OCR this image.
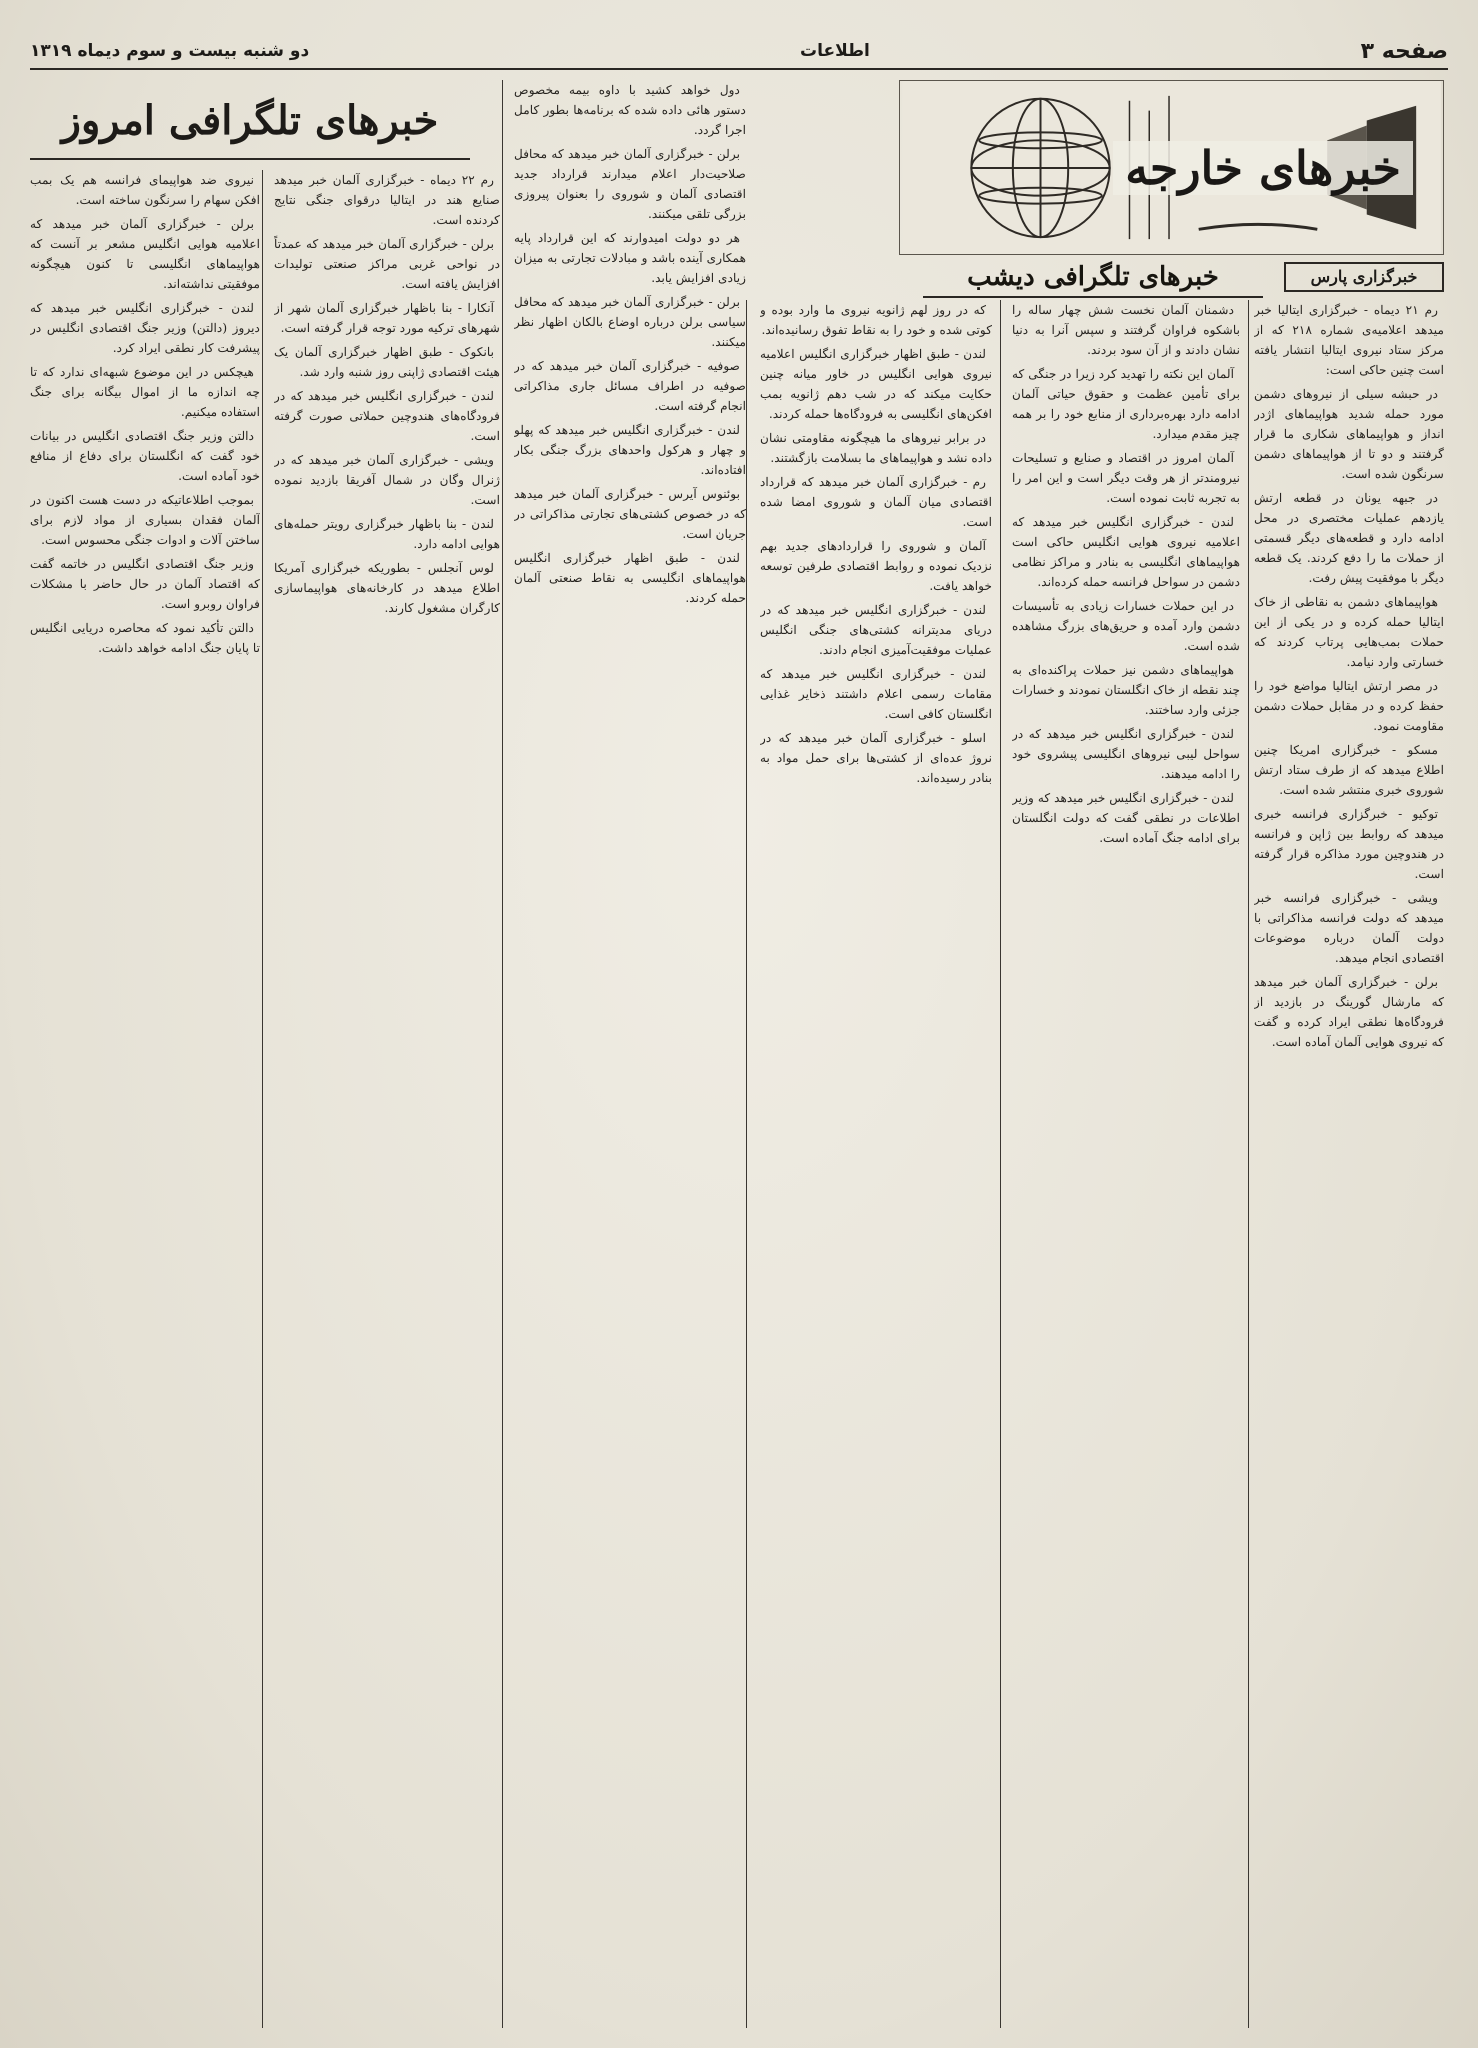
صفحه ۳
اطلاعات
دو شنبه بیست و سوم دیماه ۱۳۱۹
خبرهای خارجه
خبرگزاری پارس
خبرهای تلگرافی دیشب
خبرهای تلگرافی امروز

رم ۲۱ دیماه - خبرگزاری ایتالیا خبر میدهد اعلامیه‌ی شماره ۲۱۸ که از مرکز ستاد نیروی ایتالیا انتشار یافته است چنین حاکی است:

در حبشه سیلی از نیروهای دشمن مورد حمله شدید هواپیماهای اژدر انداز و هواپیماهای شکاری ما قرار گرفتند و دو تا از هواپیماهای دشمن سرنگون شده است.

در جبهه یونان در قطعه ارتش یازدهم عملیات مختصری در محل ادامه دارد و قطعه‌های دیگر قسمتی از حملات ما را دفع کردند. یک قطعه دیگر با موفقیت پیش رفت.

هواپیماهای دشمن به نقاطی از خاک ایتالیا حمله کرده و در یکی از این حملات بمب‌هایی پرتاب کردند که خسارتی وارد نیامد.

در مصر ارتش ایتالیا مواضع خود را حفظ کرده و در مقابل حملات دشمن مقاومت نمود.

مسکو - خبرگزاری امریکا چنین اطلاع میدهد که از طرف ستاد ارتش شوروی خبری منتشر شده است.

توکیو - خبرگزاری فرانسه خبری میدهد که روابط بین ژاپن و فرانسه در هندوچین مورد مذاکره قرار گرفته است.

ویشی - خبرگزاری فرانسه خبر میدهد که دولت فرانسه مذاکراتی با دولت آلمان درباره موضوعات اقتصادی انجام میدهد.

برلن - خبرگزاری آلمان خبر میدهد که مارشال گورینگ در بازدید از فرودگاه‌ها نطقی ایراد کرده و گفت که نیروی هوایی آلمان آماده است.

دشمنان آلمان نخست شش چهار ساله را باشکوه فراوان گرفتند و سپس آنرا به دنیا نشان دادند و از آن سود بردند.

آلمان این نکته را تهدید کرد زیرا در جنگی که برای تأمین عظمت و حقوق حیاتی آلمان ادامه دارد بهره‌برداری از منابع خود را بر همه چیز مقدم میدارد.

آلمان امروز در اقتصاد و صنایع و تسلیحات نیرومندتر از هر وقت دیگر است و این امر را به تجربه ثابت نموده است.

لندن - خبرگزاری انگلیس خبر میدهد که اعلامیه نیروی هوایی انگلیس حاکی است هواپیماهای انگلیسی به بنادر و مراکز نظامی دشمن در سواحل فرانسه حمله کرده‌اند.

در این حملات خسارات زیادی به تأسیسات دشمن وارد آمده و حریق‌های بزرگ مشاهده شده است.

هواپیماهای دشمن نیز حملات پراکنده‌ای به چند نقطه از خاک انگلستان نمودند و خسارات جزئی وارد ساختند.

لندن - خبرگزاری انگلیس خبر میدهد که در سواحل لیبی نیروهای انگلیسی پیشروی خود را ادامه میدهند.

لندن - خبرگزاری انگلیس خبر میدهد که وزیر اطلاعات در نطقی گفت که دولت انگلستان برای ادامه جنگ آماده است.

که در روز لهم ژانویه نیروی ما وارد بوده و کوتی شده و خود را به نقاط تفوق رسانیده‌اند.

لندن - طبق اظهار خبرگزاری انگلیس اعلامیه نیروی هوایی انگلیس در خاور میانه چنین حکایت میکند که در شب دهم ژانویه بمب افکن‌های انگلیسی به فرودگاه‌ها حمله کردند.

در برابر نیروهای ما هیچگونه مقاومتی نشان داده نشد و هواپیماهای ما بسلامت بازگشتند.

رم - خبرگزاری آلمان خبر میدهد که قرارداد اقتصادی میان آلمان و شوروی امضا شده است.

آلمان و شوروی را قراردادهای جدید بهم نزدیک نموده و روابط اقتصادی طرفین توسعه خواهد یافت.

لندن - خبرگزاری انگلیس خبر میدهد که در دریای مدیترانه کشتی‌های جنگی انگلیس عملیات موفقیت‌آمیزی انجام دادند.

لندن - خبرگزاری انگلیس خبر میدهد که مقامات رسمی اعلام داشتند ذخایر غذایی انگلستان کافی است.

اسلو - خبرگزاری آلمان خبر میدهد که در نروژ عده‌ای از کشتی‌ها برای حمل مواد به بنادر رسیده‌اند.

دول خواهد کشید با داوه بیمه مخصوص دستور هائی داده شده که برنامه‌ها بطور کامل اجرا گردد.

برلن - خبرگزاری آلمان خبر میدهد که محافل صلاحیت‌دار اعلام میدارند قرارداد جدید اقتصادی آلمان و شوروی را بعنوان پیروزی بزرگی تلقی میکنند.

هر دو دولت امیدوارند که این قرارداد پایه همکاری آینده باشد و مبادلات تجارتی به میزان زیادی افزایش یابد.

برلن - خبرگزاری آلمان خبر میدهد که محافل سیاسی برلن درباره اوضاع بالکان اظهار نظر میکنند.

صوفیه - خبرگزاری آلمان خبر میدهد که در صوفیه در اطراف مسائل جاری مذاکراتی انجام گرفته است.

لندن - خبرگزاری انگلیس خبر میدهد که پهلو و چهار و هرکول واحدهای بزرگ جنگی بکار افتاده‌اند.

بوئنوس آیرس - خبرگزاری آلمان خبر میدهد که در خصوص کشتی‌های تجارتی مذاکراتی در جریان است.

لندن - طبق اظهار خبرگزاری انگلیس هواپیماهای انگلیسی به نقاط صنعتی آلمان حمله کردند.

رم ۲۲ دیماه - خبرگزاری آلمان خبر میدهد صنایع هند در ایتالیا درقوای جنگی نتایج کردنده است.

برلن - خبرگزاری آلمان خبر میدهد که عمدتاً در نواحی غربی مراکز صنعتی تولیدات افزایش یافته است.

آنکارا - بنا باظهار خبرگزاری آلمان شهر از شهرهای ترکیه مورد توجه قرار گرفته است.

بانکوک - طبق اظهار خبرگزاری آلمان یک هیئت اقتصادی ژاپنی روز شنبه وارد شد.

لندن - خبرگزاری انگلیس خبر میدهد که در فرودگاه‌های هندوچین حملاتی صورت گرفته است.

ویشی - خبرگزاری آلمان خبر میدهد که در ژنرال وگان در شمال آفریقا بازدید نموده است.

لندن - بنا باظهار خبرگزاری رویتر حمله‌های هوایی ادامه دارد.

لوس آنجلس - بطوریکه خبرگزاری آمریکا اطلاع میدهد در کارخانه‌های هواپیماسازی کارگران مشغول کارند.

نیروی ضد هواپیمای فرانسه هم یک بمب افکن سهام را سرنگون ساخته است.

برلن - خبرگزاری آلمان خبر میدهد که اعلامیه هوایی انگلیس مشعر بر آنست که هواپیماهای انگلیسی تا کنون هیچگونه موفقیتی نداشته‌اند.

لندن - خبرگزاری انگلیس خبر میدهد که دیروز (دالتن) وزیر جنگ اقتصادی انگلیس در پیشرفت کار نطقی ایراد کرد.

هیچکس در این موضوع شبهه‌ای ندارد که تا چه اندازه ما از اموال بیگانه برای جنگ استفاده میکنیم.

دالتن وزیر جنگ اقتصادی انگلیس در بیانات خود گفت که انگلستان برای دفاع از منافع خود آماده است.

بموجب اطلاعاتیکه در دست هست اکنون در آلمان فقدان بسیاری از مواد لازم برای ساختن آلات و ادوات جنگی محسوس است.

وزیر جنگ اقتصادی انگلیس در خاتمه گفت که اقتصاد آلمان در حال حاضر با مشکلات فراوان روبرو است.

دالتن تأکید نمود که محاصره دریایی انگلیس تا پایان جنگ ادامه خواهد داشت.
